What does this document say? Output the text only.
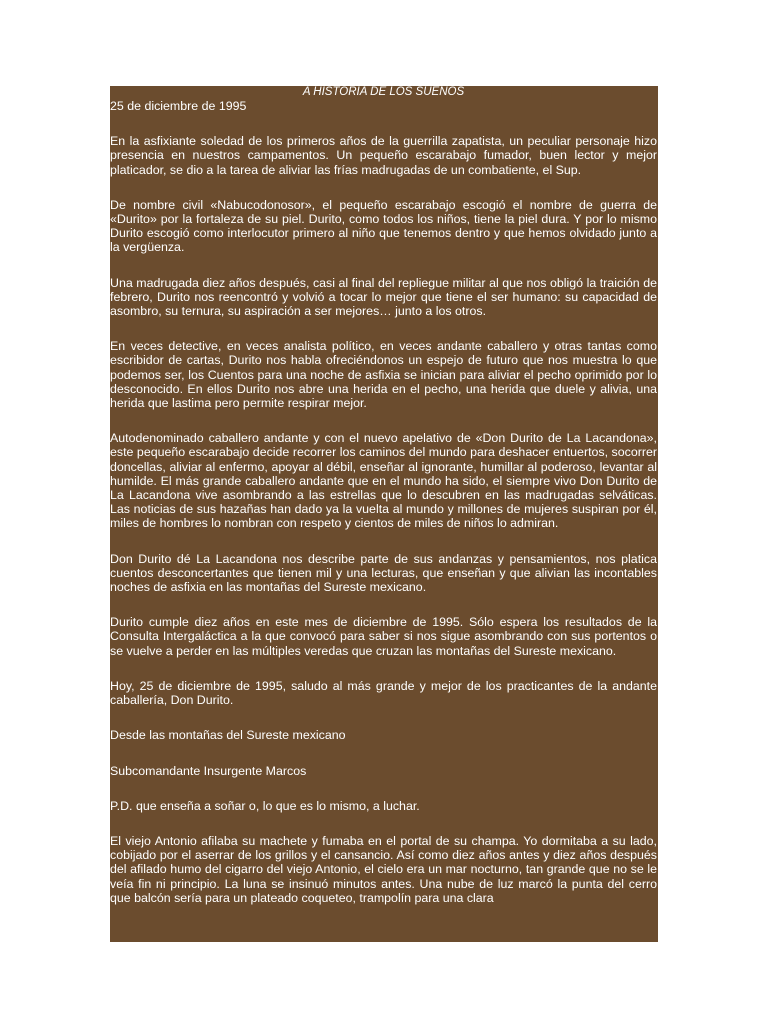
A HISTORIA DE LOS SUEÑOS

25 de diciembre de 1995

En la asfixiante soledad de los primeros años de la guerrilla zapatista, un peculiar personaje hizo presencia en nuestros campamentos. Un pequeño escarabajo fumador, buen lector y mejor platicador, se dio a la tarea de aliviar las frías madrugadas de un combatiente, el Sup.

De nombre civil «Nabucodonosor», el pequeño escarabajo escogió el nombre de guerra de «Durito» por la fortaleza de su piel. Durito, como todos los niños, tiene la piel dura. Y por lo mismo Durito escogió como interlocutor primero al niño que tenemos dentro y que hemos olvidado junto a la vergüenza.

Una madrugada diez años después, casi al final del repliegue militar al que nos obligó la traición de febrero, Durito nos reencontró y volvió a tocar lo mejor que tiene el ser humano: su capacidad de asombro, su ternura, su aspiración a ser mejores… junto a los otros.

En veces detective, en veces analista político, en veces andante caballero y otras tantas como escribidor de cartas, Durito nos habla ofreciéndonos un espejo de futuro que nos muestra lo que podemos ser, los Cuentos para una noche de asfixia se inician para aliviar el pecho oprimido por lo desconocido. En ellos Durito nos abre una herida en el pecho, una herida que duele y alivia, una herida que lastima pero permite respirar mejor.

Autodenominado caballero andante y con el nuevo apelativo de «Don Durito de La Lacandona», este pequeño escarabajo decide recorrer los caminos del mundo para deshacer entuertos, socorrer doncellas, aliviar al enfermo, apoyar al débil, enseñar al ignorante, humillar al poderoso, levantar al humilde. El más grande caballero andante que en el mundo ha sido, el siempre vivo Don Durito de La Lacandona vive asombrando a las estrellas que lo descubren en las madrugadas selváticas. Las noticias de sus hazañas han dado ya la vuelta al mundo y millones de mujeres suspiran por él, miles de hombres lo nombran con respeto y cientos de miles de niños lo admiran.

Don Durito dé La Lacandona nos describe parte de sus andanzas y pensamientos, nos platica cuentos desconcertantes que tienen mil y una lecturas, que enseñan y que alivian las incontables noches de asfixia en las montañas del Sureste mexicano.

Durito cumple diez años en este mes de diciembre de 1995. Sólo espera los resultados de la Consulta Intergaláctica a la que convocó para saber si nos sigue asombrando con sus portentos o se vuelve a perder en las múltiples veredas que cruzan las montañas del Sureste mexicano.

Hoy, 25 de diciembre de 1995, saludo al más grande y mejor de los practicantes de la andante caballería, Don Durito.

Desde las montañas del Sureste mexicano

Subcomandante Insurgente Marcos

P.D. que enseña a soñar o, lo que es lo mismo, a luchar.

El viejo Antonio afilaba su machete y fumaba en el portal de su champa. Yo dormitaba a su lado, cobijado por el aserrar de los grillos y el cansancio. Así como diez años antes y diez años después del afilado humo del cigarro del viejo Antonio, el cielo era un mar nocturno, tan grande que no se le veía fin ni principio. La luna se insinuó minutos antes. Una nube de luz marcó la punta del cerro que balcón sería para un plateado coqueteo, trampolín para una clara
